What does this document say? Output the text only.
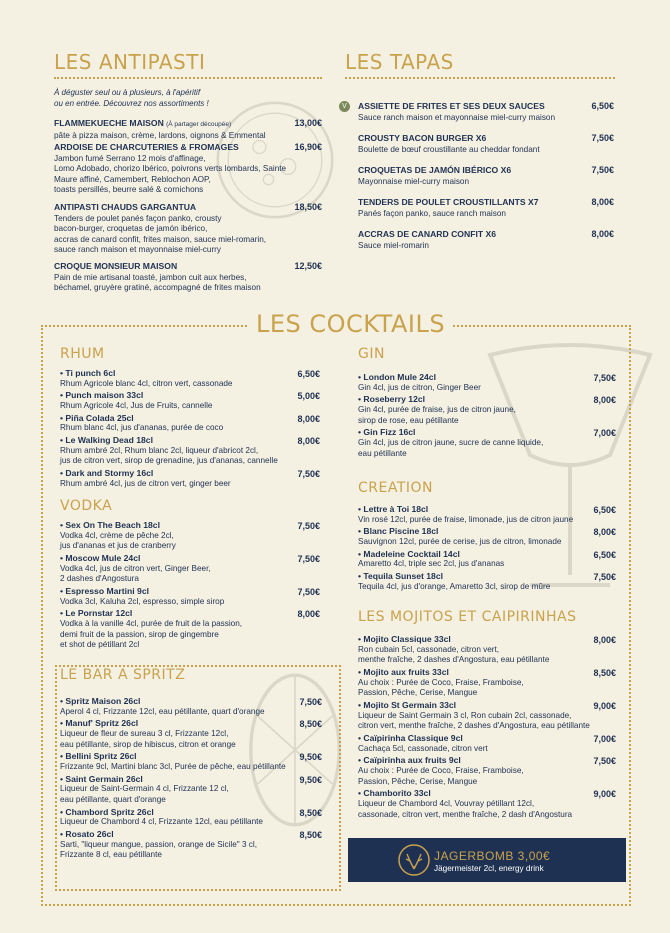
LES ANTIPASTI
À déguster seul ou à plusieurs, à l'apéritif
ou en entrée. Découvrez nos assortiments !
FLAMMEKUECHE MAISON (À partager découpée)
pâte à pizza maison, crème, lardons, oignons & Emmental
13,00€
ARDOISE DE CHARCUTERIES & FROMAGES
Jambon fumé Serrano 12 mois d'affinage,
Lomo Adobado, chorizo Ibérico, poivrons verts lombards, Sainte
Maure affiné, Camembert, Reblochon AOP,
toasts persillés, beurre salé & cornichons
16,90€
ANTIPASTI CHAUDS GARGANTUA
Tenders de poulet panés façon panko, crousty
bacon-burger, croquetas de jamón ibérico,
accras de canard confit, frites maison, sauce miel-romarin,
sauce ranch maison et mayonnaise miel-curry
18,50€
CROQUE MONSIEUR MAISON
Pain de mie artisanal toasté, jambon cuit aux herbes,
béchamel, gruyère gratiné, accompagné de frites maison
12,50€
LES TAPAS
V	ASSIETTE DE FRITES ET SES DEUX SAUCES
Sauce ranch maison et mayonnaise miel-curry maison
6,50€
CROUSTY BACON BURGER X6
Boulette de bœuf croustillante au cheddar fondant
7,50€
CROQUETAS DE JAMÓN IBÉRICO X6
Mayonnaise miel-curry maison
7,50€
TENDERS DE POULET CROUSTILLANTS X7
Panés façon panko, sauce ranch maison
8,00€
ACCRAS DE CANARD CONFIT X6
Sauce miel-romarin
8,00€
LES COCKTAILS
RHUM
• Ti punch 6cl
Rhum Agricole blanc 4cl, citron vert, cassonade
6,50€
• Punch maison 33cl
Rhum Agricole 4cl, Jus de Fruits, cannelle
5,00€
• Piña Colada 25cl
Rhum blanc 4cl, jus d'ananas, purée de coco
8,00€
• Le Walking Dead 18cl
Rhum ambré 2cl, Rhum blanc 2cl, liqueur d'abricot 2cl,
jus de citron vert, sirop de grenadine, jus d'ananas, cannelle
8,00€
• Dark and Stormy 16cl
Rhum ambré 4cl, jus de citron vert, ginger beer
7,50€
VODKA
• Sex On The Beach 18cl
Vodka 4cl, crème de pêche 2cl,
jus d'ananas et jus de cranberry
7,50€
• Moscow Mule 24cl
Vodka 4cl, jus de citron vert, Ginger Beer,
2 dashes d'Angostura
7,50€
• Espresso Martini 9cl
Vodka 3cl, Kaluha 2cl, espresso, simple sirop
7,50€
• Le Pornstar 12cl
Vodka à la vanille 4cl, purée de fruit de la passion,
demi fruit de la passion, sirop de gingembre
et shot de pétillant 2cl
8,00€
LE BAR A SPRITZ
• Spritz Maison 26cl
Aperol 4 cl, Frizzante 12cl, eau pétillante, quart d'orange
7,50€
• Manuf' Spritz 26cl
Liqueur de fleur de sureau 3 cl, Frizzante 12cl,
eau pétillante, sirop de hibiscus, citron et orange
8,50€
• Bellini Spritz 26cl
Frizzante 9cl, Martini blanc 3cl, Purée de pêche, eau pétillante
9,50€
• Saint Germain 26cl
Liqueur de Saint-Germain 4 cl, Frizzante 12 cl,
eau pétillante, quart d'orange
9,50€
• Chambord Spritz 26cl
Liqueur de Chambord 4 cl, Frizzante 12cl, eau pétillante
8,50€
• Rosato 26cl
Sarti, "liqueur mangue, passion, orange de Sicile" 3 cl,
Frizzante 8 cl, eau pétillante
8,50€
GIN
• London Mule 24cl
Gin 4cl, jus de citron, Ginger Beer
7,50€
• Roseberry 12cl
Gin 4cl, purée de fraise, jus de citron jaune,
sirop de rose, eau pétillante
8,00€
• Gin Fizz 16cl
Gin 4cl, jus de citron jaune, sucre de canne liquide,
eau pétillante
7,00€
CREATION
• Lettre à Toi 18cl
Vin rosé 12cl, purée de fraise, limonade, jus de citron jaune
6,50€
• Blanc Piscine 18cl
Sauvignon 12cl, purée de cerise, jus de citron, limonade
8,00€
• Madeleine Cocktail 14cl
Amaretto 4cl, triple sec 2cl, jus d'ananas
6,50€
• Tequila Sunset 18cl
Tequila 4cl, jus d'orange, Amaretto 3cl, sirop de mûre
7,50€
LES MOJITOS ET CAIPIRINHAS
• Mojito Classique 33cl
Ron cubain 5cl, cassonade, citron vert,
menthe fraîche, 2 dashes d'Angostura, eau pétillante
8,00€
• Mojito aux fruits 33cl
Au choix : Purée de Coco, Fraise, Framboise,
Passion, Pêche, Cerise, Mangue
8,50€
• Mojito St Germain 33cl
Liqueur de Saint Germain 3 cl, Ron cubain 2cl, cassonade,
citron vert, menthe fraîche, 2 dashes d'Angostura, eau pétillante
9,00€
• Caïpirinha Classique 9cl
Cachaça 5cl, cassonade, citron vert
7,00€
• Caïpirinha aux fruits 9cl
Au choix : Purée de Coco, Fraise, Framboise,
Passion, Pêche, Cerise, Mangue
7,50€
• Chamborito 33cl
Liqueur de Chambord 4cl, Vouvray pétillant 12cl,
cassonade, citron vert, menthe fraîche, 2 dash d'Angostura
9,00€
JAGERBOMB 3,00€
Jägermeister 2cl, energy drink
